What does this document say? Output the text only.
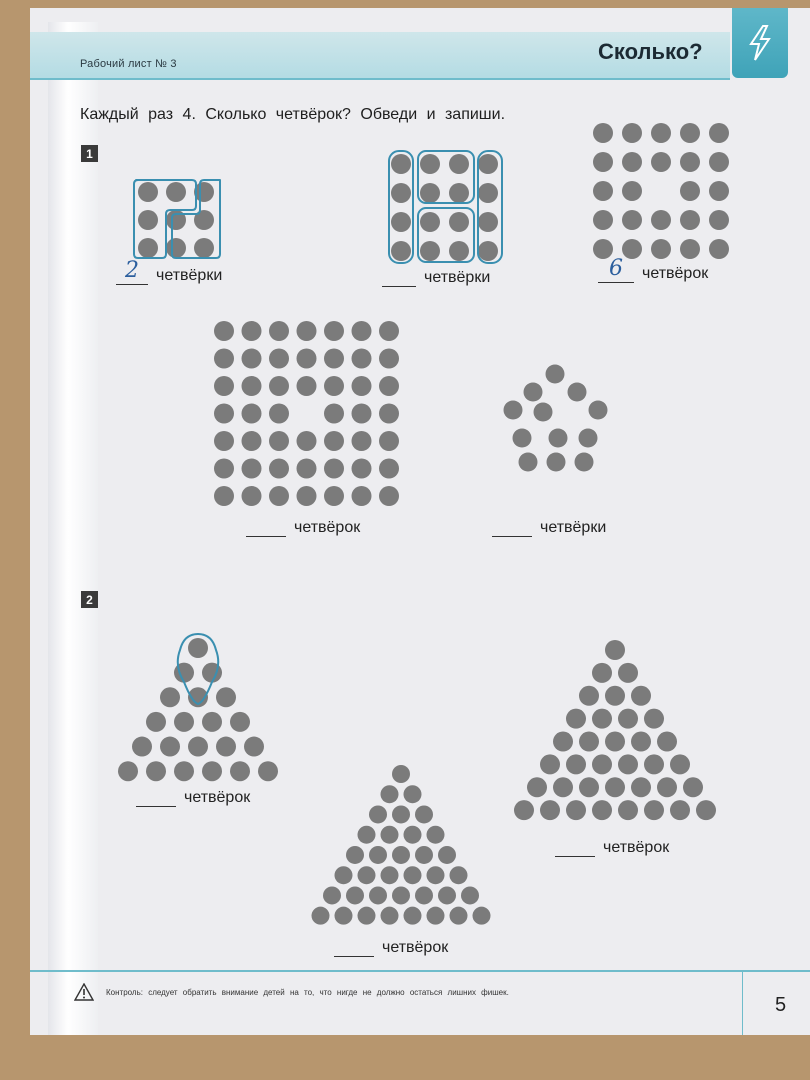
Рабочий лист № 3	Сколько?
Каждый раз 4. Сколько четвёрок? Обведи и запиши.
1
2	четвёрки	четвёрки	6	четвёрок
четвёрок	четвёрки
2
четвёрок
четвёрок
четвёрок
Контроль: следует обратить внимание детей на то, что нигде не должно остаться лишних фишек.
5
